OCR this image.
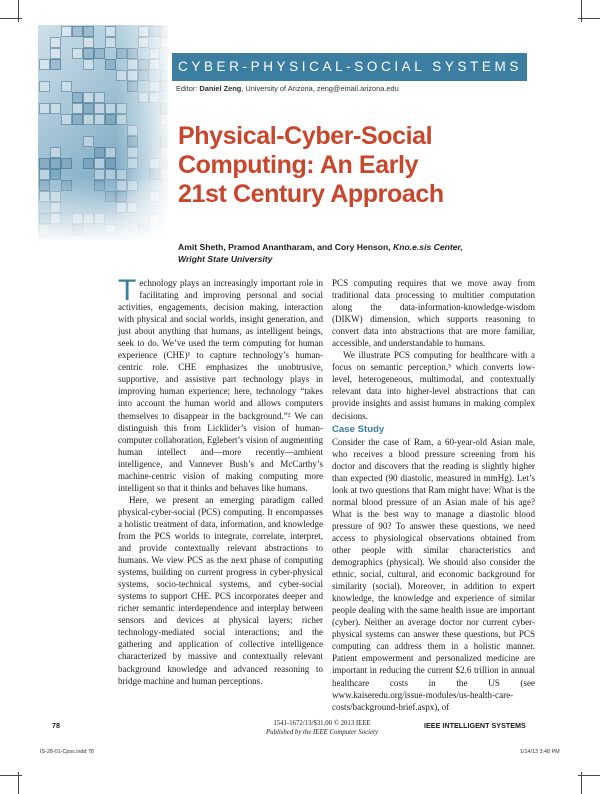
CYBER-PHYSICAL-SOCIAL SYSTEMS
Editor: Daniel Zeng, University of Arizona, zeng@email.arizona.edu
Physical-Cyber-Social
Computing: An Early
21st Century Approach
Amit Sheth, Pramod Anantharam, and Cory Henson, Kno.e.sis Center,
Wright State University

Technology plays an increasingly important role in facilitating and improving personal and social activities, engagements, decision making, interaction with physical and social worlds, insight generation, and just about anything that humans, as intelligent beings, seek to do. We’ve used the term computing for human experience (CHE)¹ to capture technology’s human-centric role. CHE emphasizes the unobtrusive, supportive, and assistive part technology plays in improving human experience; here, technology “takes into account the human world and allows computers themselves to disappear in the background.”² We can distinguish this from Licklider’s vision of human-computer collaboration, Eglebert’s vision of augmenting human intellect and—more recently—ambient intelligence, and Vannever Bush’s and McCarthy’s machine-centric vision of making computing more intelligent so that it thinks and behaves like humans.

Here, we present an emerging paradigm called physical-cyber-social (PCS) computing. It encompasses a holistic treatment of data, information, and knowledge from the PCS worlds to integrate, correlate, interpret, and provide contextually relevant abstractions to humans. We view PCS as the next phase of computing systems, building on current progress in cyber-physical systems, socio-technical systems, and cyber-social systems to support CHE. PCS incorporates deeper and richer semantic interdependence and interplay between sensors and devices at physical layers; richer technology-mediated social interactions; and the gathering and application of collective intelligence characterized by massive and contextually relevant background knowledge and advanced reasoning to bridge machine and human perceptions.

PCS computing requires that we move away from traditional data processing to multitier computation along the data-information-knowledge-wisdom (DIKW) dimension, which supports reasoning to convert data into abstractions that are more familiar, accessible, and understandable to humans.

We illustrate PCS computing for healthcare with a focus on semantic perception,³ which converts low-level, heterogeneous, multimodal, and contextually relevant data into higher-level abstractions that can provide insights and assist humans in making complex decisions.

Case Study

Consider the case of Ram, a 60-year-old Asian male, who receives a blood pressure screening from his doctor and discovers that the reading is slightly higher than expected (90 diastolic, measured in mmHg). Let’s look at two questions that Ram might have: What is the normal blood pressure of an Asian male of his age? What is the best way to manage a diastolic blood pressure of 90? To answer these questions, we need access to physiological observations obtained from other people with similar characteristics and demographics (physical). We should also consider the ethnic, social, cultural, and economic background for similarity (social). Moreover, in addition to expert knowledge, the knowledge and experience of similar people dealing with the same health issue are important (cyber). Neither an average doctor nor current cyber-physical systems can answer these questions, but PCS computing can address them in a holistic manner. Patient empowerment and personalized medicine are important in reducing the current $2.6 trillion in annual healthcare costs in the US (see www.kaiseredu.org/issue-modules/us-health-care-costs/background-brief.aspx), of

78	1541-1672/13/$31.00 © 2013 IEEE
Published by the IEEE Computer Society
IEEE INTELLIGENT SYSTEMS
IS-28-01-Cpss.indd 78	1/14/13 3:48 PM
